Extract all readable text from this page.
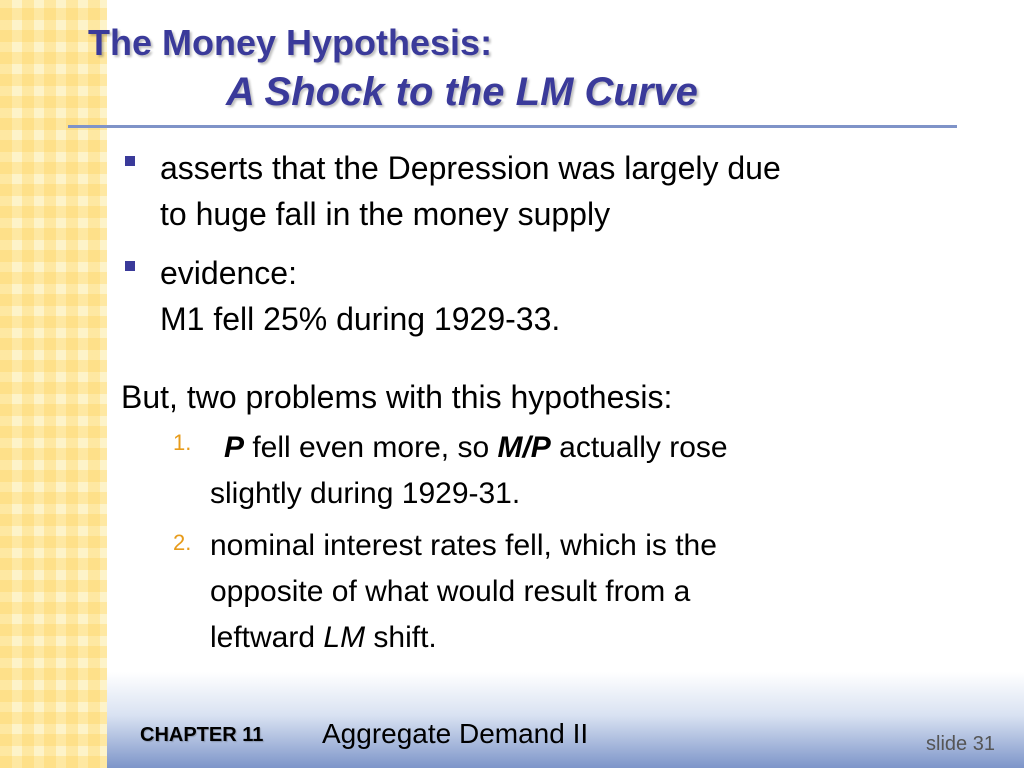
The Money Hypothesis:
A Shock to the LM Curve
asserts that the Depression was largely due
to huge fall in the money supply
evidence:
M1 fell 25% during 1929-33.
But, two problems with this hypothesis:
1.	P fell even more, so M/P actually rose
slightly during 1929-31.
2. nominal interest rates fell, which is the
opposite of what would result from a
leftward LM shift.
CHAPTER 11 Aggregate Demand II	slide 31
